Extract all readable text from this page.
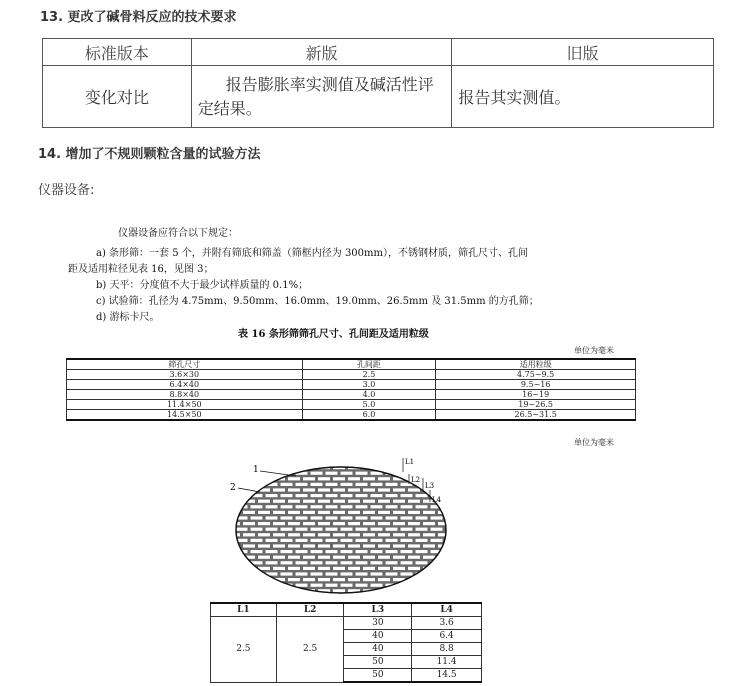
13. 更改了碱骨料反应的技术要求
标准版本	新版	旧版
变化对比	报告膨胀率实测值及碱活性评定结果。	报告其实测值。
14. 增加了不规则颗粒含量的试验方法
仪器设备:
仪器设备应符合以下规定：
a) 条形筛：一套 5 个，并附有筛底和筛盖（筛框内径为 300mm），不锈钢材质，筛孔尺寸、孔间
距及适用粒径见表 16，见图 3；
b) 天平：分度值不大于最少试样质量的 0.1%；
c) 试验筛：孔径为 4.75mm、9.50mm、16.0mm、19.0mm、26.5mm 及 31.5mm 的方孔筛；
d) 游标卡尺。
表 16 条形筛筛孔尺寸、孔间距及适用粒级
单位为毫米
筛孔尺寸	孔间距	适用粒级
3.6×30	2.5	4.75~9.5
6.4×40	3.0	9.5~16
8.8×40	4.0	16~19
11.4×50	5.0	19~26.5
14.5×50	6.0	26.5~31.5
单位为毫米
1
2
L1
L2
L3
L4
L1	L2	L3	L4
2.5	2.5	30	3.6
		40	6.4
		40	8.8
		50	11.4
		50	14.5
